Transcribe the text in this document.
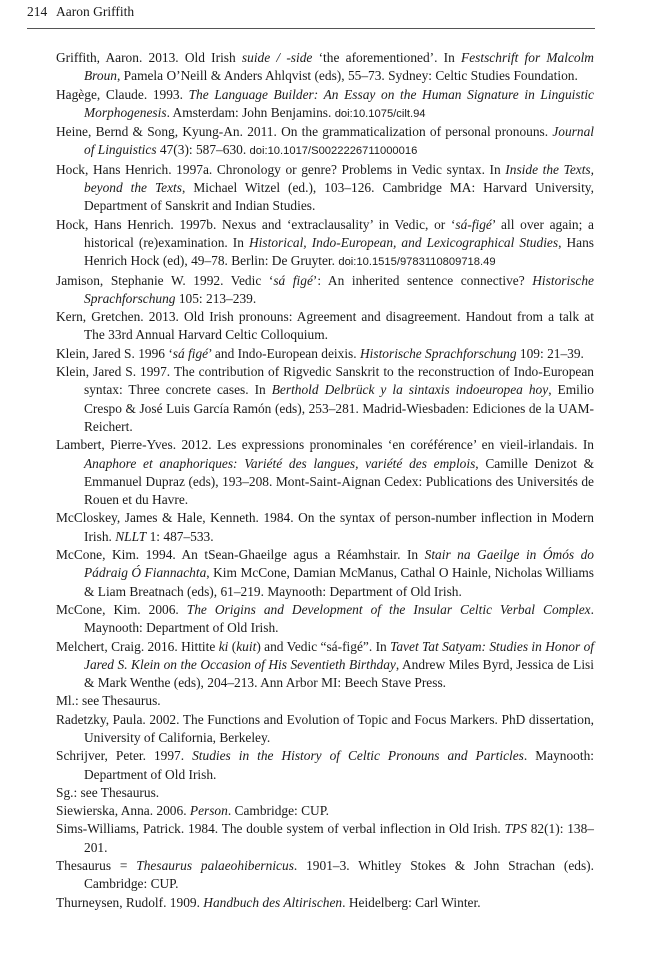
214 Aaron Griffith
Griffith, Aaron. 2013. Old Irish suide / -side ‘the aforementioned’. In Festschrift for Malcolm Broun, Pamela O’Neill & Anders Ahlqvist (eds), 55–73. Sydney: Celtic Studies Foundation.
Hagège, Claude. 1993. The Language Builder: An Essay on the Human Signature in Linguistic Morphogenesis. Amsterdam: John Benjamins. doi:10.1075/cilt.94
Heine, Bernd & Song, Kyung-An. 2011. On the grammaticalization of personal pronouns. Journal of Linguistics 47(3): 587–630. doi:10.1017/S0022226711000016
Hock, Hans Henrich. 1997a. Chronology or genre? Problems in Vedic syntax. In Inside the Texts, beyond the Texts, Michael Witzel (ed.), 103–126. Cambridge MA: Harvard University, Department of Sanskrit and Indian Studies.
Hock, Hans Henrich. 1997b. Nexus and ‘extraclausality’ in Vedic, or ‘sá-figé’ all over again; a historical (re)examination. In Historical, Indo-European, and Lexicographical Studies, Hans Henrich Hock (ed), 49–78. Berlin: De Gruyter. doi:10.1515/9783110809718.49
Jamison, Stephanie W. 1992. Vedic ‘sá figé’: An inherited sentence connective? Historische Sprachforschung 105: 213–239.
Kern, Gretchen. 2013. Old Irish pronouns: Agreement and disagreement. Handout from a talk at The 33rd Annual Harvard Celtic Colloquium.
Klein, Jared S. 1996 ‘sá figé’ and Indo-European deixis. Historische Sprachforschung 109: 21–39.
Klein, Jared S. 1997. The contribution of Rigvedic Sanskrit to the reconstruction of Indo-European syntax: Three concrete cases. In Berthold Delbrück y la sintaxis indoeuropea hoy, Emilio Crespo & José Luis García Ramón (eds), 253–281. Madrid-Wiesbaden: Ediciones de la UAM-Reichert.
Lambert, Pierre-Yves. 2012. Les expressions pronominales ‘en coréférence’ en vieil-irlandais. In Anaphore et anaphoriques: Variété des langues, variété des emplois, Camille Denizot & Emmanuel Dupraz (eds), 193–208. Mont-Saint-Aignan Cedex: Publications des Universités de Rouen et du Havre.
McCloskey, James & Hale, Kenneth. 1984. On the syntax of person-number inflection in Modern Irish. NLLT 1: 487–533.
McCone, Kim. 1994. An tSean-Ghaeilge agus a Réamhstair. In Stair na Gaeilge in Ómós do Pádraig Ó Fiannachta, Kim McCone, Damian McManus, Cathal O Hainle, Nicholas Williams & Liam Breatnach (eds), 61–219. Maynooth: Department of Old Irish.
McCone, Kim. 2006. The Origins and Development of the Insular Celtic Verbal Complex. Maynooth: Department of Old Irish.
Melchert, Craig. 2016. Hittite ki (kuit) and Vedic “sá-figé”. In Tavet Tat Satyam: Studies in Honor of Jared S. Klein on the Occasion of His Seventieth Birthday, Andrew Miles Byrd, Jessica de Lisi & Mark Wenthe (eds), 204–213. Ann Arbor MI: Beech Stave Press.
Ml.: see Thesaurus.
Radetzky, Paula. 2002. The Functions and Evolution of Topic and Focus Markers. PhD dissertation, University of California, Berkeley.
Schrijver, Peter. 1997. Studies in the History of Celtic Pronouns and Particles. Maynooth: Department of Old Irish.
Sg.: see Thesaurus.
Siewierska, Anna. 2006. Person. Cambridge: CUP.
Sims-Williams, Patrick. 1984. The double system of verbal inflection in Old Irish. TPS 82(1): 138–201.
Thesaurus = Thesaurus palaeohibernicus. 1901–3. Whitley Stokes & John Strachan (eds). Cambridge: CUP.
Thurneysen, Rudolf. 1909. Handbuch des Altirischen. Heidelberg: Carl Winter.
